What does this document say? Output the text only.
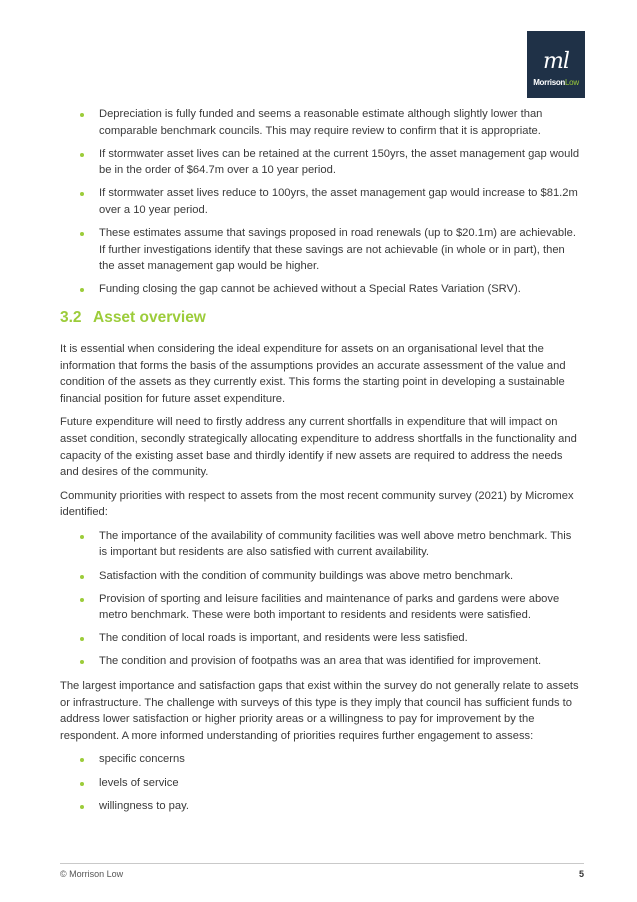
ml
MorrisonLow
Depreciation is fully funded and seems a reasonable estimate although slightly lower than comparable benchmark councils. This may require review to confirm that it is appropriate.
If stormwater asset lives can be retained at the current 150yrs, the asset management gap would be in the order of $64.7m over a 10 year period.
If stormwater asset lives reduce to 100yrs, the asset management gap would increase to $81.2m over a 10 year period.
These estimates assume that savings proposed in road renewals (up to $20.1m) are achievable. If further investigations identify that these savings are not achievable (in whole or in part), then the asset management gap would be higher.
Funding closing the gap cannot be achieved without a Special Rates Variation (SRV).
3.2 Asset overview

It is essential when considering the ideal expenditure for assets on an organisational level that the information that forms the basis of the assumptions provides an accurate assessment of the value and condition of the assets as they currently exist. This forms the starting point in developing a sustainable financial position for future asset expenditure.

Future expenditure will need to firstly address any current shortfalls in expenditure that will impact on asset condition, secondly strategically allocating expenditure to address shortfalls in the functionality and capacity of the existing asset base and thirdly identify if new assets are required to address the needs and desires of the community.

Community priorities with respect to assets from the most recent community survey (2021) by Micromex identified:

The importance of the availability of community facilities was well above metro benchmark. This is important but residents are also satisfied with current availability.
Satisfaction with the condition of community buildings was above metro benchmark.
Provision of sporting and leisure facilities and maintenance of parks and gardens were above metro benchmark. These were both important to residents and residents were satisfied.
The condition of local roads is important, and residents were less satisfied.
The condition and provision of footpaths was an area that was identified for improvement.

The largest importance and satisfaction gaps that exist within the survey do not generally relate to assets or infrastructure. The challenge with surveys of this type is they imply that council has sufficient funds to address lower satisfaction or higher priority areas or a willingness to pay for improvement by the respondent. A more informed understanding of priorities requires further engagement to assess:

specific concerns
levels of service
willingness to pay.
© Morrison Low	5
